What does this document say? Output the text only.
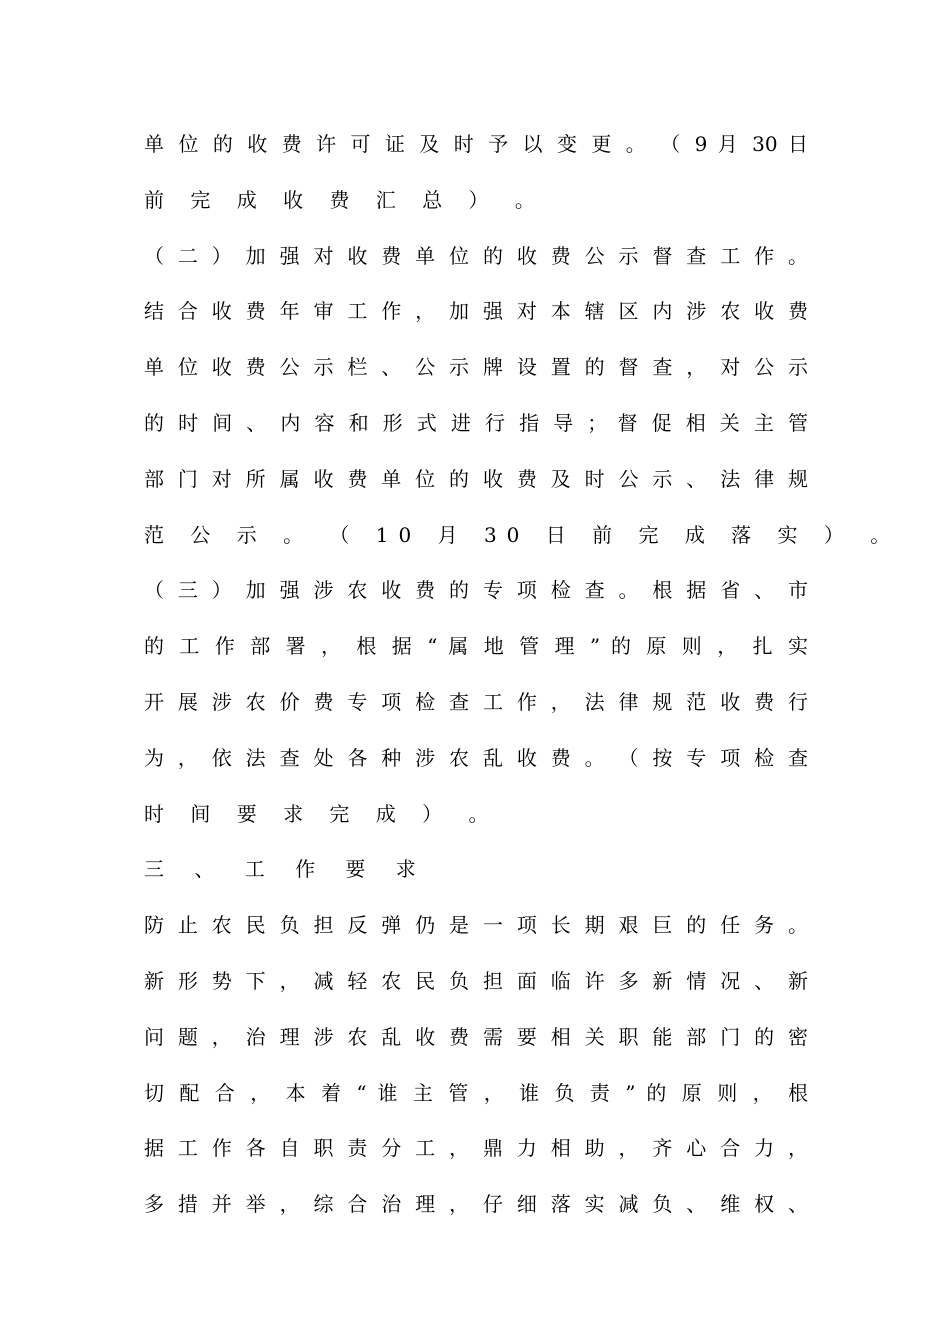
单 位 的 收 费 许 可 证 及 时 予 以 变 更 。 （ 9 月 30 日
前 完 成 收 费 汇 总 ） 。
（ 二 ） 加 强 对 收 费 单 位 的 收 费 公 示 督 查 工 作 。
结 合 收 费 年 审 工 作 ， 加 强 对 本 辖 区 内 涉 农 收 费
单 位 收 费 公 示 栏 、 公 示 牌 设 置 的 督 查 ， 对 公 示
的 时 间 、 内 容 和 形 式 进 行 指 导 ； 督 促 相 关 主 管
部 门 对 所 属 收 费 单 位 的 收 费 及 时 公 示 、 法 律 规
范 公 示 。 （ 10 月 30 日 前 完 成 落 实 ） 。
（ 三 ） 加 强 涉 农 收 费 的 专 项 检 查 。 根 据 省 、 市
的 工 作 部 署 ， 根 据 “ 属 地 管 理 ” 的 原 则 ， 扎 实
开 展 涉 农 价 费 专 项 检 查 工 作 ， 法 律 规 范 收 费 行
为 ， 依 法 查 处 各 种 涉 农 乱 收 费 。 （ 按 专 项 检 查
时 间 要 求 完 成 ） 。
三 、 工 作 要 求
防 止 农 民 负 担 反 弹 仍 是 一 项 长 期 艰 巨 的 任 务 。
新 形 势 下 ， 减 轻 农 民 负 担 面 临 许 多 新 情 况 、 新
问 题 ， 治 理 涉 农 乱 收 费 需 要 相 关 职 能 部 门 的 密
切 配 合 ， 本 着 “ 谁 主 管 ， 谁 负 责 ” 的 原 则 ， 根
据 工 作 各 自 职 责 分 工 ， 鼎 力 相 助 ， 齐 心 合 力 ，
多 措 并 举 ， 综 合 治 理 ， 仔 细 落 实 减 负 、 维 权 、
